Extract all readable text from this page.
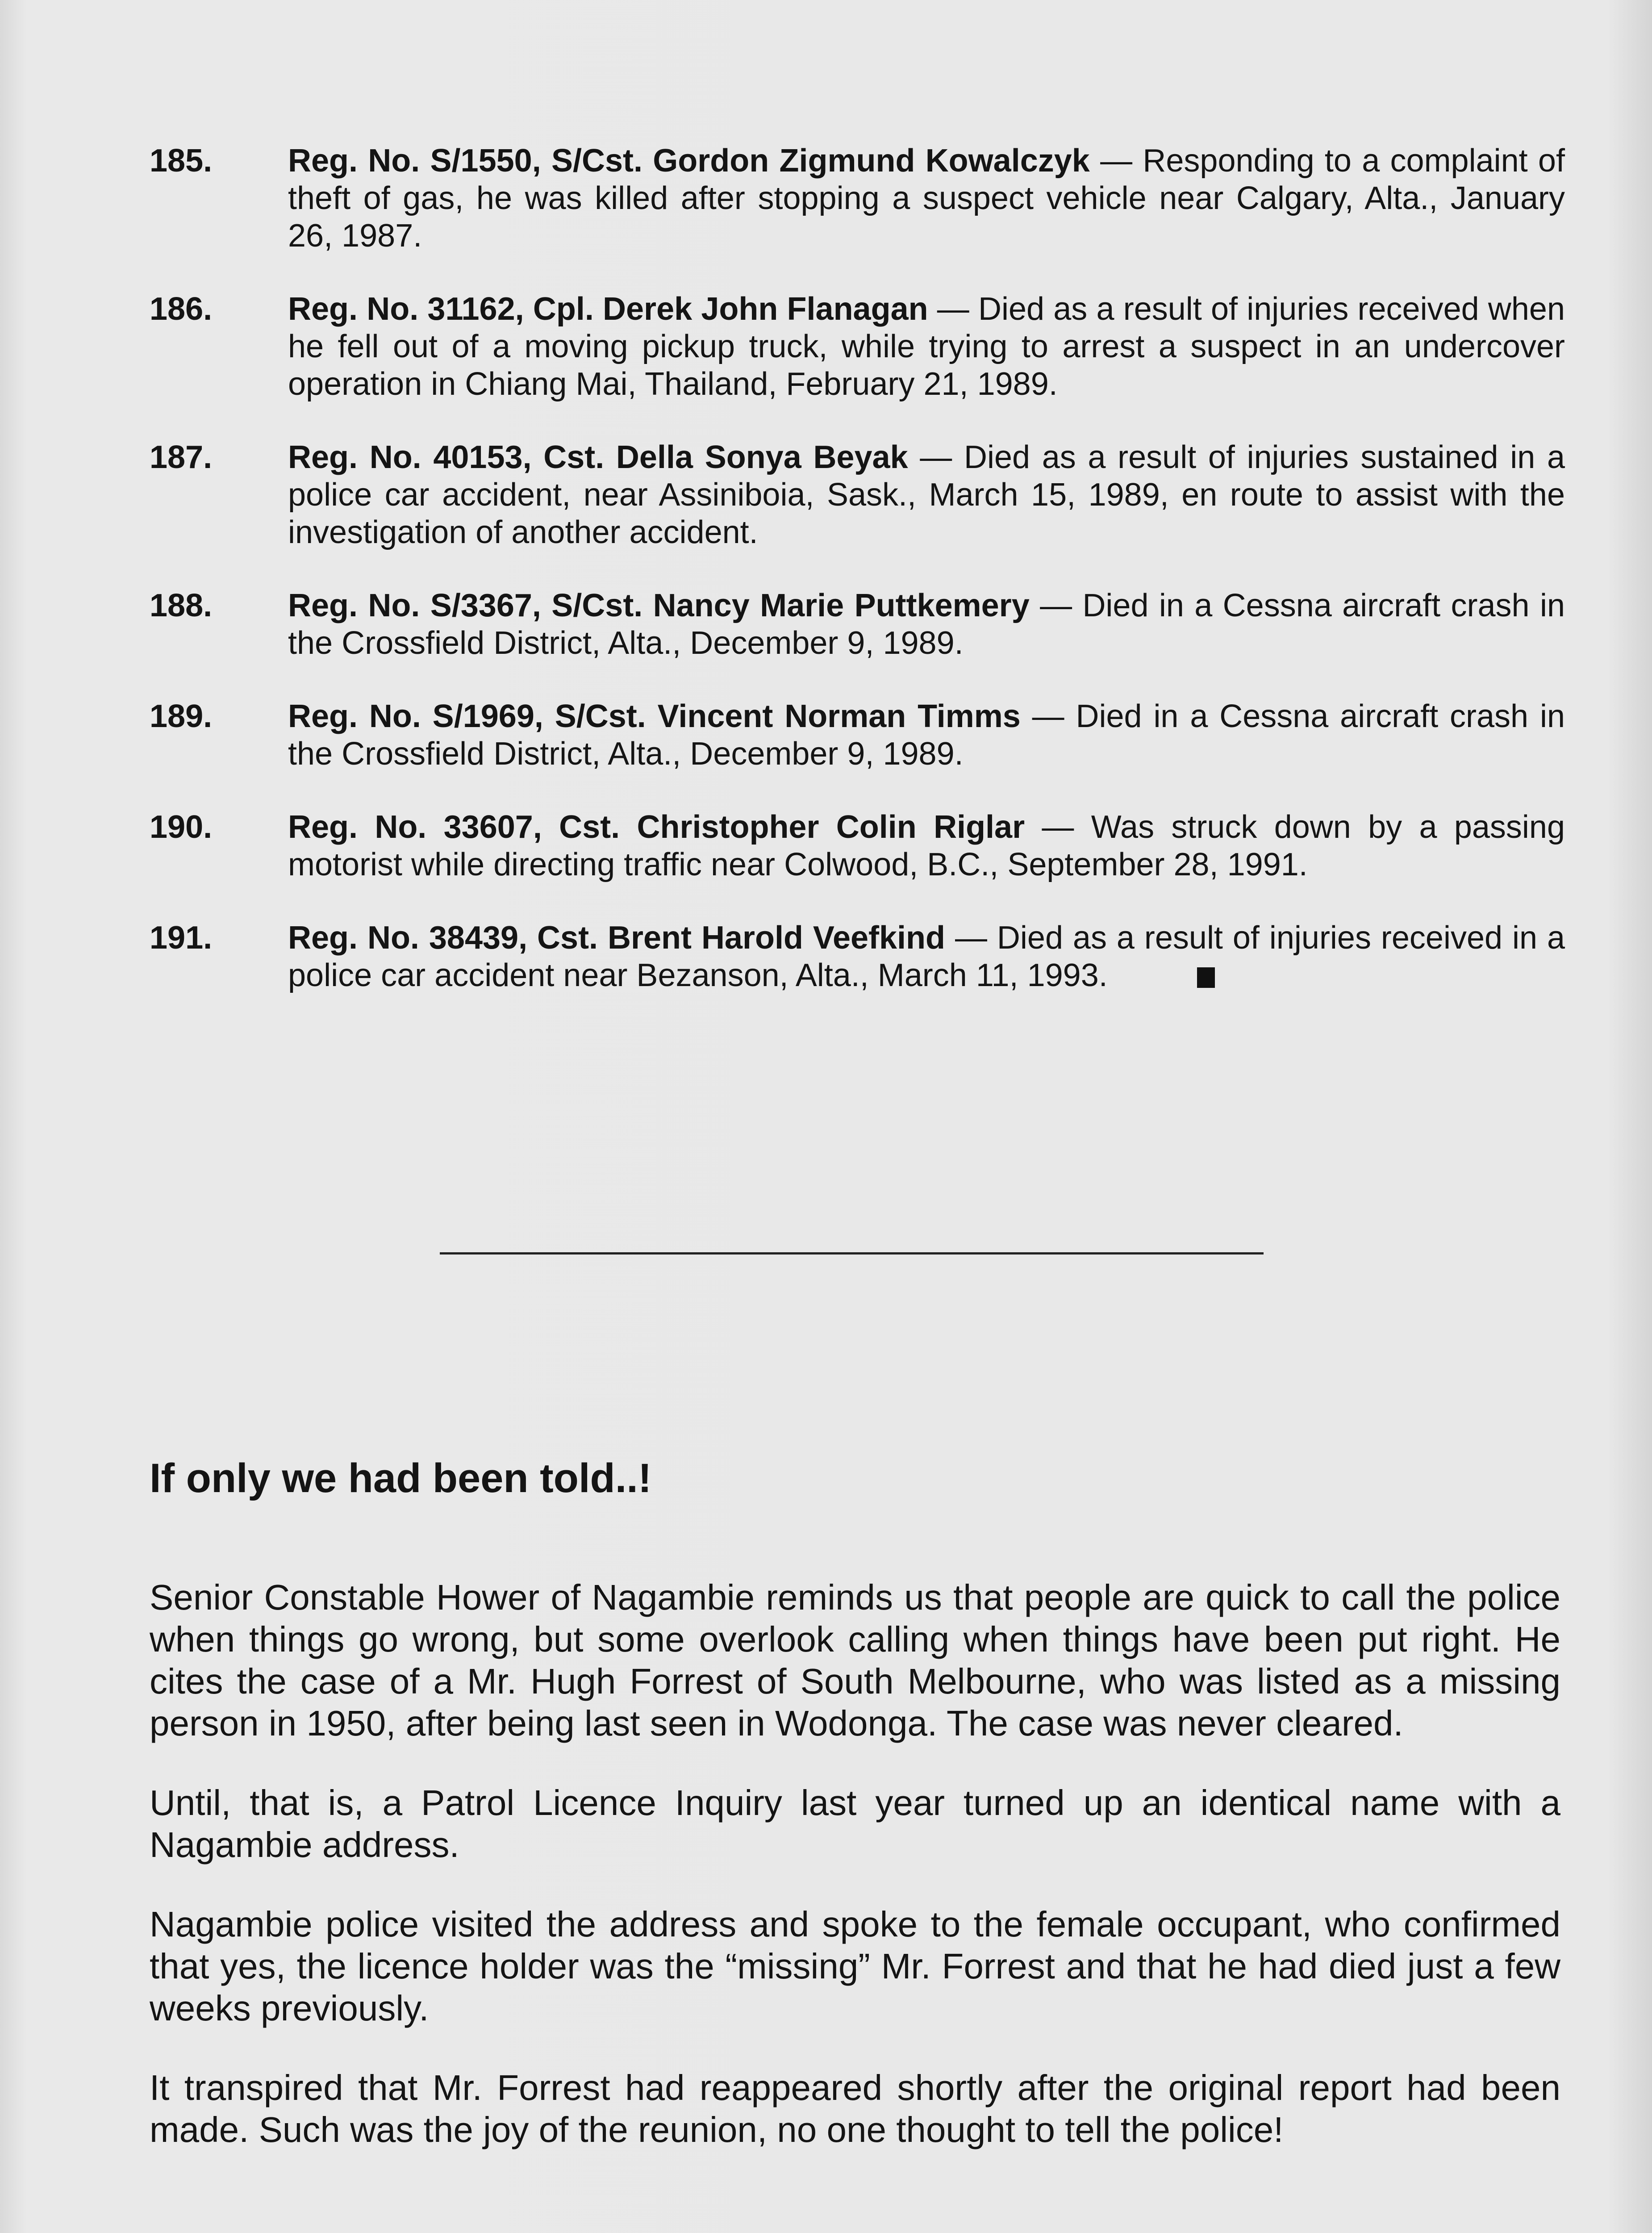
185. Reg. No. S/1550, S/Cst. Gordon Zigmund Kowalczyk — Responding to a complaint of theft of gas, he was killed after stopping a suspect vehicle near Calgary, Alta., January 26, 1987.
186. Reg. No. 31162, Cpl. Derek John Flanagan — Died as a result of injuries received when he fell out of a moving pickup truck, while trying to arrest a suspect in an undercover operation in Chiang Mai, Thailand, February 21, 1989.
187. Reg. No. 40153, Cst. Della Sonya Beyak — Died as a result of injuries sustained in a police car accident, near Assiniboia, Sask., March 15, 1989, en route to assist with the investigation of another accident.
188. Reg. No. S/3367, S/Cst. Nancy Marie Puttkemery — Died in a Cessna aircraft crash in the Crossfield District, Alta., December 9, 1989.
189. Reg. No. S/1969, S/Cst. Vincent Norman Timms — Died in a Cessna aircraft crash in the Crossfield District, Alta., December 9, 1989.
190. Reg. No. 33607, Cst. Christopher Colin Riglar — Was struck down by a passing motorist while directing traffic near Colwood, B.C., September 28, 1991.
191. Reg. No. 38439, Cst. Brent Harold Veefkind — Died as a result of injuries received in a police car accident near Bezanson, Alta., March 11, 1993.
If only we had been told..!

Senior Constable Hower of Nagambie reminds us that people are quick to call the police when things go wrong, but some overlook calling when things have been put right. He cites the case of a Mr. Hugh Forrest of South Melbourne, who was listed as a missing person in 1950, after being last seen in Wodonga. The case was never cleared.

Until, that is, a Patrol Licence Inquiry last year turned up an identical name with a Nagambie address.

Nagambie police visited the address and spoke to the female occupant, who confirmed that yes, the licence holder was the “missing” Mr. Forrest and that he had died just a few weeks previously.

It transpired that Mr. Forrest had reappeared shortly after the original report had been made. Such was the joy of the reunion, no one thought to tell the police!
